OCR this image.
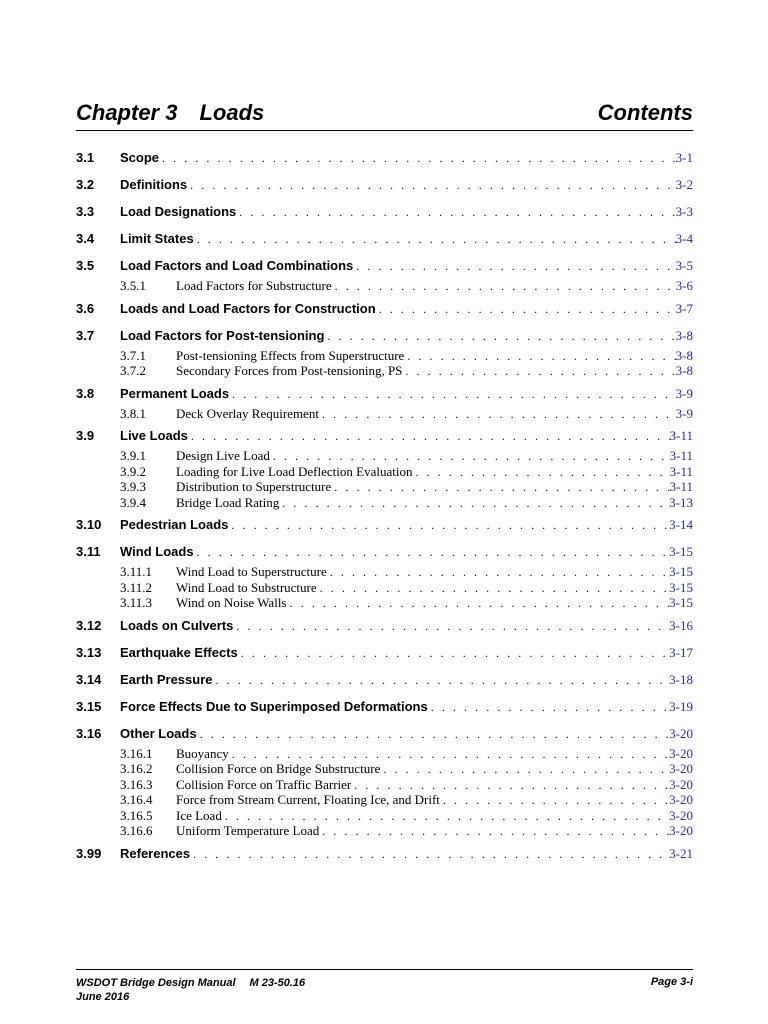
Chapter 3 Loads	Contents
3.1	Scope . . .	3-1
3.2	Definitions . . .	3-2
3.3	Load Designations . . .	3-3
3.4	Limit States . . .	3-4
3.5	Load Factors and Load Combinations . . .	3-5
3.5.1	Load Factors for Substructure . . .	3-6
3.6	Loads and Load Factors for Construction . . .	3-7
3.7	Load Factors for Post-tensioning . . .	3-8
3.7.1	Post-tensioning Effects from Superstructure . . .	3-8
3.7.2	Secondary Forces from Post-tensioning, PS . . .	3-8
3.8	Permanent Loads . . .	3-9
3.8.1	Deck Overlay Requirement . . .	3-9
3.9	Live Loads . . .	3-11
3.9.1	Design Live Load . . .	3-11
3.9.2	Loading for Live Load Deflection Evaluation . . .	3-11
3.9.3	Distribution to Superstructure . . .	3-11
3.9.4	Bridge Load Rating . . .	3-13
3.10	Pedestrian Loads . . .	3-14
3.11	Wind Loads . . .	3-15
3.11.1	Wind Load to Superstructure . . .	3-15
3.11.2	Wind Load to Substructure . . .	3-15
3.11.3	Wind on Noise Walls . . .	3-15
3.12	Loads on Culverts . . .	3-16
3.13	Earthquake Effects . . .	3-17
3.14	Earth Pressure . . .	3-18
3.15	Force Effects Due to Superimposed Deformations . . .	3-19
3.16	Other Loads . . .	3-20
3.16.1	Buoyancy . . .	3-20
3.16.2	Collision Force on Bridge Substructure . . .	3-20
3.16.3	Collision Force on Traffic Barrier . . .	3-20
3.16.4	Force from Stream Current, Floating Ice, and Drift . . .	3-20
3.16.5	Ice Load . . .	3-20
3.16.6	Uniform Temperature Load . . .	3-20
3.99	References . . .	3-21
WSDOT Bridge Design Manual M 23-50.16
June 2016
Page 3-i
